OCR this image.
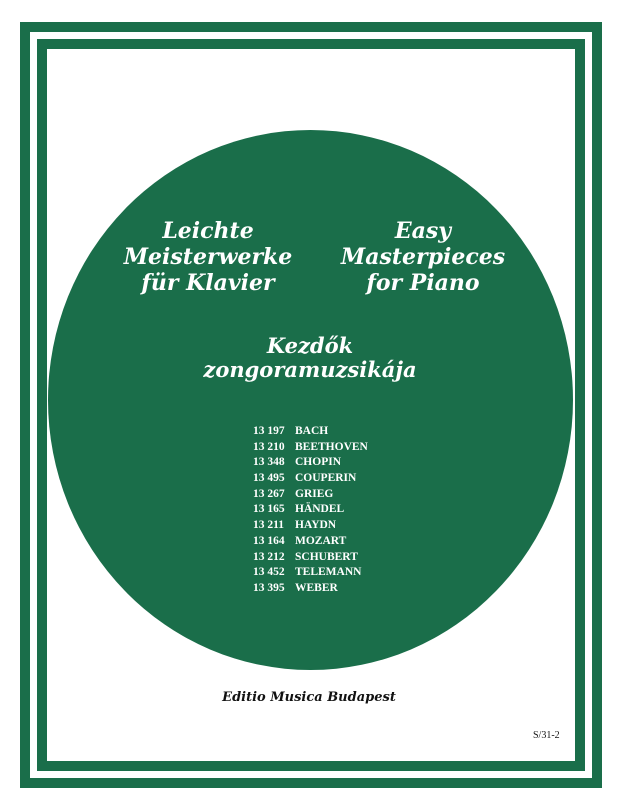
Leichte
Meisterwerke
für Klavier
Easy
Masterpieces
for Piano
Kezdők
zongoramuzsikája
13 197 BACH
13 210 BEETHOVEN
13 348 CHOPIN
13 495 COUPERIN
13 267 GRIEG
13 165 HÄNDEL
13 211 HAYDN
13 164 MOZART
13 212 SCHUBERT
13 452 TELEMANN
13 395 WEBER
Editio Musica Budapest
S/31-2
